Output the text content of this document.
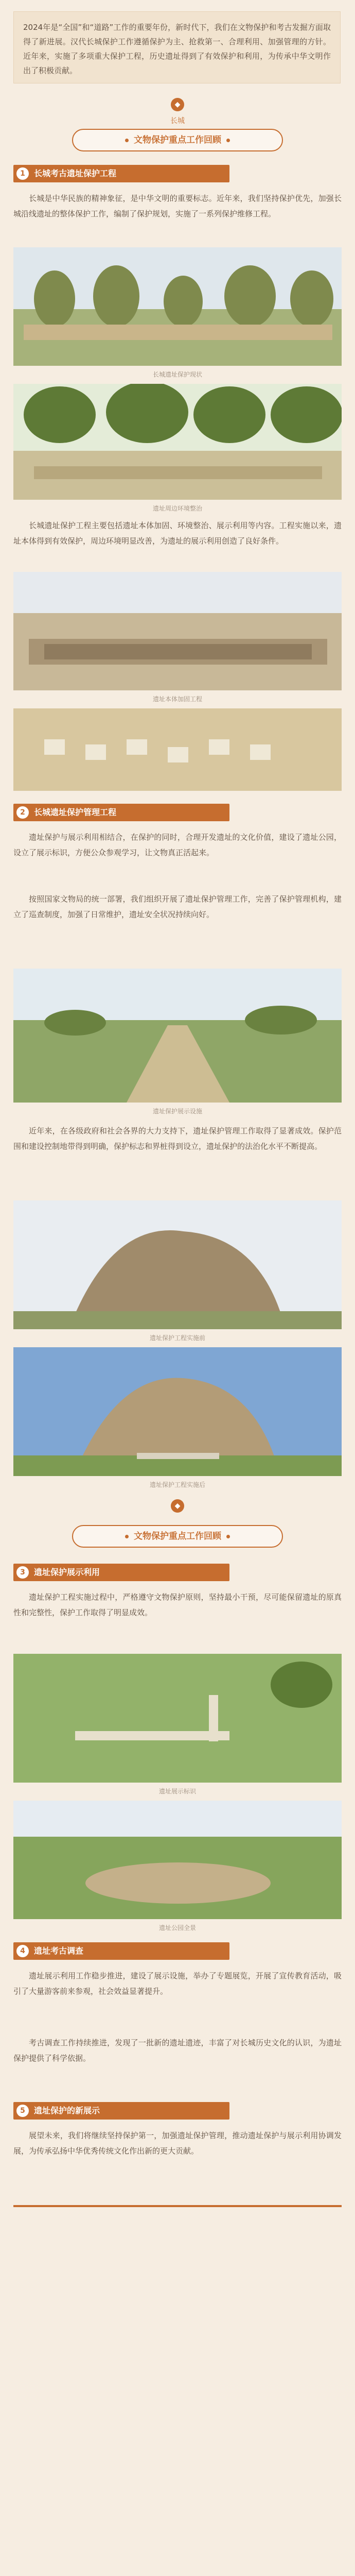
2024年是“全国”和“道路”工作的重要年份，新时代下，我们在文物保护和考古发掘方面取得了新进展。汉代长城保护工作遵循保护为主、抢救第一、合理利用、加强管理的方针。近年来，实施了多项重大保护工程，历史遗址得到了有效保护和利用，为传承中华文明作出了积极贡献。
◆
长城
文物保护重点工作回顾
1	长城考古遗址保护工程
长城是中华民族的精神象征，是中华文明的重要标志。近年来，我们坚持保护优先，加强长城沿线遗址的整体保护工作，编制了保护规划，实施了一系列保护维修工程。
长城遗址保护现状
遗址周边环境整治
长城遗址保护工程主要包括遗址本体加固、环境整治、展示利用等内容。工程实施以来，遗址本体得到有效保护，周边环境明显改善，为遗址的展示利用创造了良好条件。
遗址本体加固工程
2	长城遗址保护管理工程
遗址保护与展示利用相结合，在保护的同时，合理开发遗址的文化价值，建设了遗址公园，设立了展示标识，方便公众参观学习，让文物真正活起来。
按照国家文物局的统一部署，我们组织开展了遗址保护管理工作，完善了保护管理机构，建立了巡查制度，加强了日常维护，遗址安全状况持续向好。
遗址保护展示设施
近年来，在各级政府和社会各界的大力支持下，遗址保护管理工作取得了显著成效。保护范围和建设控制地带得到明确，保护标志和界桩得到设立，遗址保护的法治化水平不断提高。
遗址保护工程实施前
遗址保护工程实施后
◆
文物保护重点工作回顾
3	遗址保护展示利用
遗址保护工程实施过程中，严格遵守文物保护原则，坚持最小干预，尽可能保留遗址的原真性和完整性，保护工作取得了明显成效。
遗址展示标识
遗址公园全景
4	遗址考古调查
遗址展示利用工作稳步推进，建设了展示设施，举办了专题展览，开展了宣传教育活动，吸引了大量游客前来参观，社会效益显著提升。
考古调查工作持续推进，发现了一批新的遗址遗迹，丰富了对长城历史文化的认识，为遗址保护提供了科学依据。
5	遗址保护的新展示
展望未来，我们将继续坚持保护第一，加强遗址保护管理，推动遗址保护与展示利用协调发展，为传承弘扬中华优秀传统文化作出新的更大贡献。
